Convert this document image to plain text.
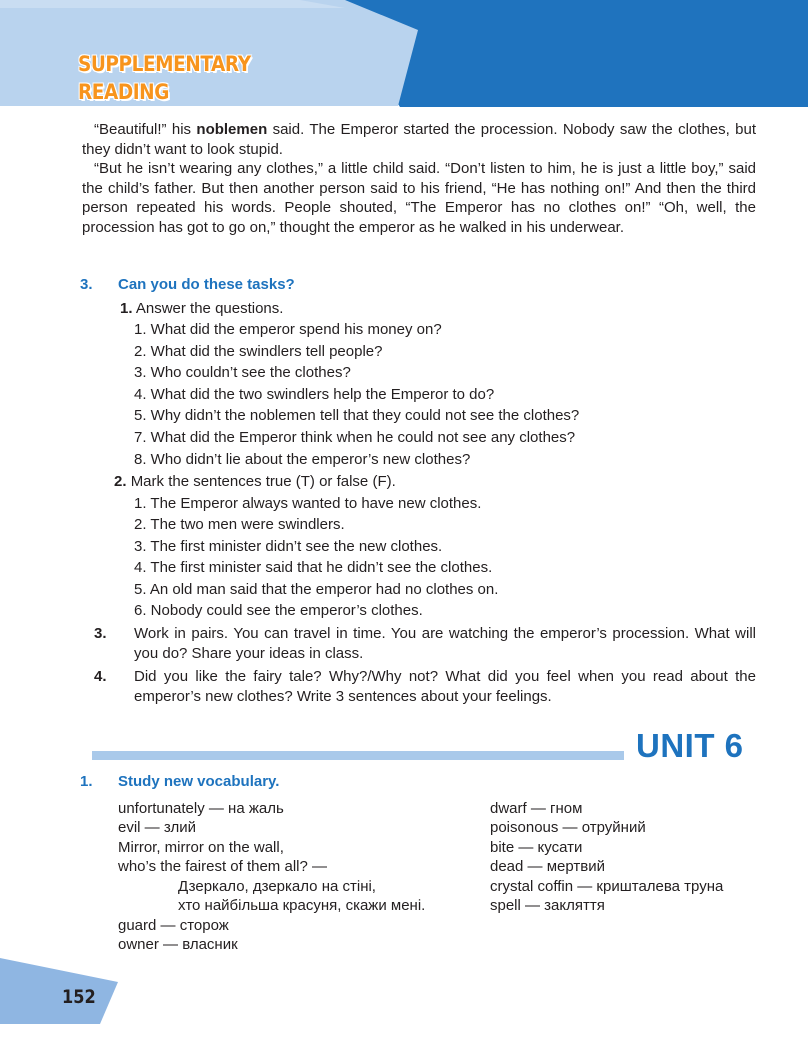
SUPPLEMENTARY
READING

“Beautiful!” his noblemen said. The Emperor started the procession. Nobody saw the clothes, but they didn’t want to look stupid.

“But he isn’t wearing any clothes,” a little child said. “Don’t listen to him, he is just a little boy,” said the child’s father. But then another person said to his friend, “He has nothing on!” And then the third person repeated his words. People shouted, “The Emperor has no clothes on!” “Oh, well, the procession has got to go on,” thought the emperor as he walked in his underwear.

3. Can you do these tasks?
1. Answer the questions.
1. What did the emperor spend his money on?
2. What did the swindlers tell people?
3. Who couldn’t see the clothes?
4. What did the two swindlers help the Emperor to do?
5. Why didn’t the noblemen tell that they could not see the clothes?
7. What did the Emperor think when he could not see any clothes?
8. Who didn’t lie about the emperor’s new clothes?
2. Mark the sentences true (T) or false (F).
1. The Emperor always wanted to have new clothes.
2. The two men were swindlers.
3. The first minister didn’t see the new clothes.
4. The first minister said that he didn’t see the clothes.
5. An old man said that the emperor had no clothes on.
6. Nobody could see the emperor’s clothes.

3. Work in pairs. You can travel in time. You are watching the emperor’s procession. What will you do? Share your ideas in class.

4. Did you like the fairy tale? Why?/Why not? What did you feel when you read about the emperor’s new clothes? Write 3 sentences about your feelings.

UNIT 6
1. Study new vocabulary.
unfortunately — на жаль
evil — злий
Mirror, mirror on the wall,
who’s the fairest of them all? —
Дзеркало, дзеркало на стіні,
хто найбільша красуня, скажи мені.
guard — сторож
owner — власник
dwarf — гном
poisonous — отруйний
bite — кусати
dead — мертвий
crystal coffin — кришталева труна
spell — закляття
152
